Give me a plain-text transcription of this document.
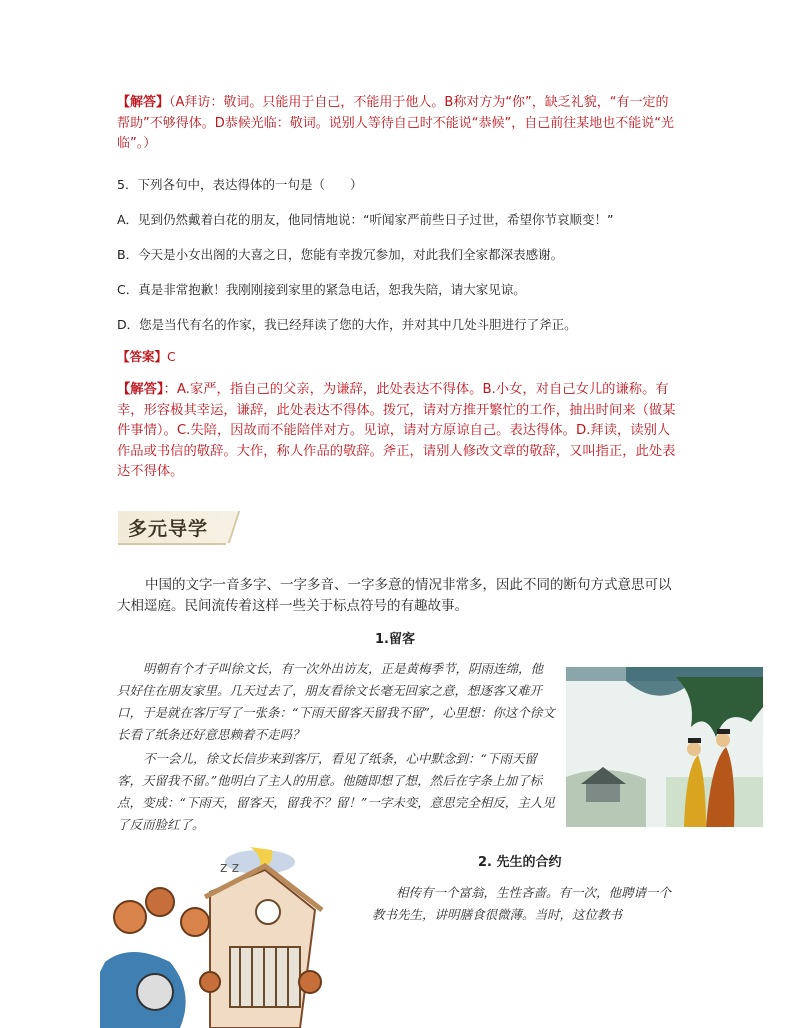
【解答】（A拜访：敬词。只能用于自己，不能用于他人。B称对方为“你”，缺乏礼貌，“有一定的帮助”不够得体。D恭候光临：敬词。说别人等待自己时不能说“恭候”，自己前往某地也不能说“光临”。）
5．下列各句中，表达得体的一句是（　　）
A．见到仍然戴着白花的朋友，他同情地说：“听闻家严前些日子过世，希望你节哀顺变！”
B．今天是小女出阁的大喜之日，您能有幸拨冗参加，对此我们全家都深表感谢。
C．真是非常抱歉！我刚刚接到家里的紧急电话，恕我失陪，请大家见谅。
D．您是当代有名的作家，我已经拜读了您的大作，并对其中几处斗胆进行了斧正。
【答案】C
【解答】：A.家严，指自己的父亲，为谦辞，此处表达不得体。B.小女，对自己女儿的谦称。有幸，形容极其幸运，谦辞，此处表达不得体。拨冗，请对方推开繁忙的工作，抽出时间来（做某件事情）。C.失陪，因故而不能陪伴对方。见谅，请对方原谅自己。表达得体。D.拜读，读别人作品或书信的敬辞。大作，称人作品的敬辞。斧正，请别人修改文章的敬辞，又叫指正，此处表达不得体。
多元导学
中国的文字一音多字、一字多音、一字多意的情况非常多，因此不同的断句方式意思可以大相逕庭。民间流传着这样一些关于标点符号的有趣故事。
1.留客
明朝有个才子叫徐文长，有一次外出访友，正是黄梅季节，阴雨连绵，他只好住在朋友家里。几天过去了，朋友看徐文长毫无回家之意，想逐客又难开口，于是就在客厅写了一张条：“下雨天留客天留我不留”，心里想：你这个徐文长看了纸条还好意思赖着不走吗？
不一会儿，徐文长信步来到客厅，看见了纸条，心中默念到：“下雨天留客，天留我不留。”他明白了主人的用意。他随即想了想，然后在字条上加了标点，变成：“下雨天，留客天，留我不？留！”一字未变，意思完全相反，主人见了反而脸红了。
z z	2. 先生的合约
相传有一个富翁，生性吝啬。有一次，他聘请一个教书先生，讲明膳食很微薄。当时，这位教书
